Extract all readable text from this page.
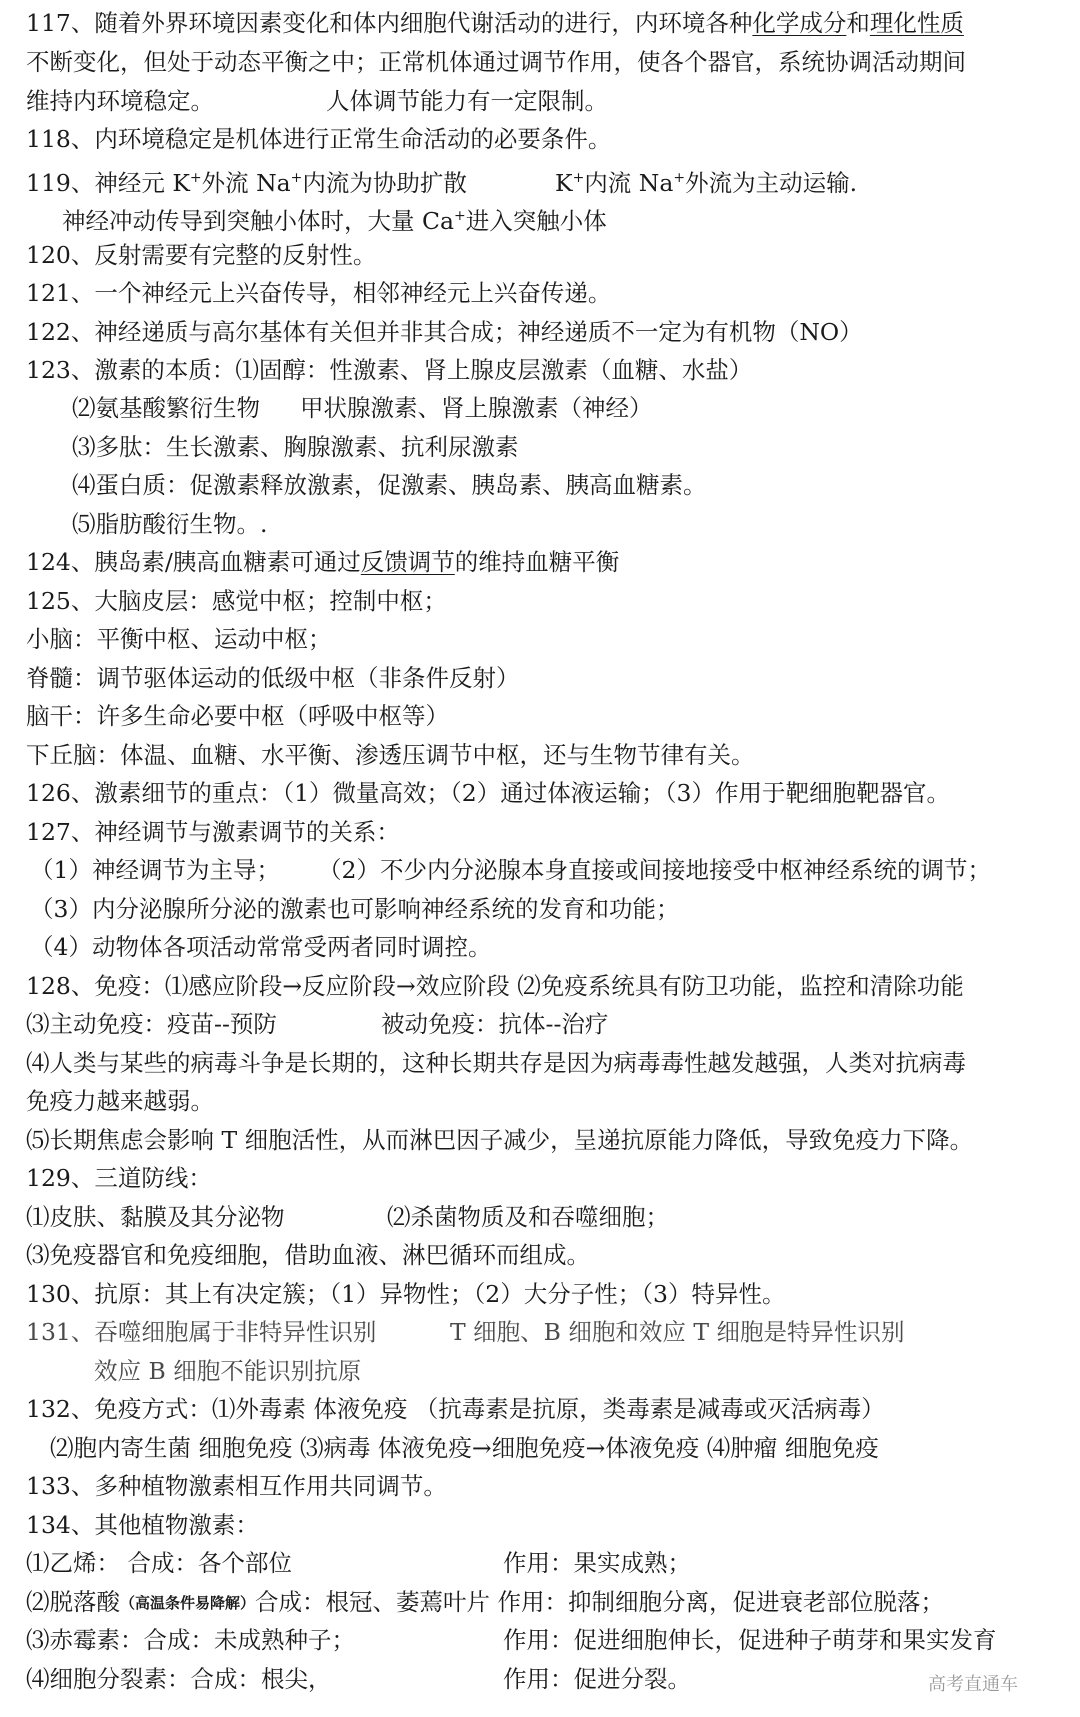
117、随着外界环境因素变化和体内细胞代谢活动的进行，内环境各种化学成分和理化性质
不断变化，但处于动态平衡之中；正常机体通过调节作用，使各个器官，系统协调活动期间
维持内环境稳定。	人体调节能力有一定限制。
118、内环境稳定是机体进行正常生命活动的必要条件。
119、神经元 K+外流 Na+内流为协助扩散	K+内流 Na+外流为主动运输.
神经冲动传导到突触小体时，大量 Ca+进入突触小体
120、反射需要有完整的反射性。
121、一个神经元上兴奋传导，相邻神经元上兴奋传递。
122、神经递质与高尔基体有关但并非其合成；神经递质不一定为有机物（NO）
123、激素的本质：⑴固醇：性激素、肾上腺皮层激素（血糖、水盐）
⑵氨基酸繁衍生物 甲状腺激素、肾上腺激素（神经）
⑶多肽：生长激素、胸腺激素、抗利尿激素
⑷蛋白质：促激素释放激素，促激素、胰岛素、胰高血糖素。
⑸脂肪酸衍生物。.
124、胰岛素/胰高血糖素可通过反馈调节的维持血糖平衡
125、大脑皮层：感觉中枢；控制中枢；
小脑：平衡中枢、运动中枢；
脊髓：调节驱体运动的低级中枢（非条件反射）
脑干：许多生命必要中枢（呼吸中枢等）
下丘脑：体温、血糖、水平衡、渗透压调节中枢，还与生物节律有关。
126、激素细节的重点：（1）微量高效；（2）通过体液运输；（3）作用于靶细胞靶器官。
127、神经调节与激素调节的关系：
（1）神经调节为主导； （2）不少内分泌腺本身直接或间接地接受中枢神经系统的调节；
（3）内分泌腺所分泌的激素也可影响神经系统的发育和功能；
（4）动物体各项活动常常受两者同时调控。
128、免疫：⑴感应阶段→反应阶段→效应阶段 ⑵免疫系统具有防卫功能，监控和清除功能
⑶主动免疫：疫苗--预防	被动免疫：抗体--治疗
⑷人类与某些的病毒斗争是长期的，这种长期共存是因为病毒毒性越发越强，人类对抗病毒
免疫力越来越弱。
⑸长期焦虑会影响 T 细胞活性，从而淋巴因子减少，呈递抗原能力降低，导致免疫力下降。
129、三道防线：
⑴皮肤、黏膜及其分泌物	⑵杀菌物质及和吞噬细胞；
⑶免疫器官和免疫细胞，借助血液、淋巴循环而组成。
130、抗原：其上有决定簇；（1）异物性；（2）大分子性；（3）特异性。
131、吞噬细胞属于非特异性识别	T 细胞、B 细胞和效应 T 细胞是特异性识别
效应 B 细胞不能识别抗原
132、免疫方式：⑴外毒素 体液免疫 （抗毒素是抗原，类毒素是减毒或灭活病毒）
⑵胞内寄生菌 细胞免疫 ⑶病毒 体液免疫→细胞免疫→体液免疫 ⑷肿瘤 细胞免疫
133、多种植物激素相互作用共同调节。
134、其他植物激素：
⑴乙烯： 合成：各个部位	作用：果实成熟；
⑵脱落酸（高温条件易降解）合成：根冠、萎蔫叶片 作用：抑制细胞分离，促进衰老部位脱落；
⑶赤霉素：合成：未成熟种子；	作用：促进细胞伸长，促进种子萌芽和果实发育
⑷细胞分裂素：合成：根尖，	作用：促进分裂。	高考直通车
